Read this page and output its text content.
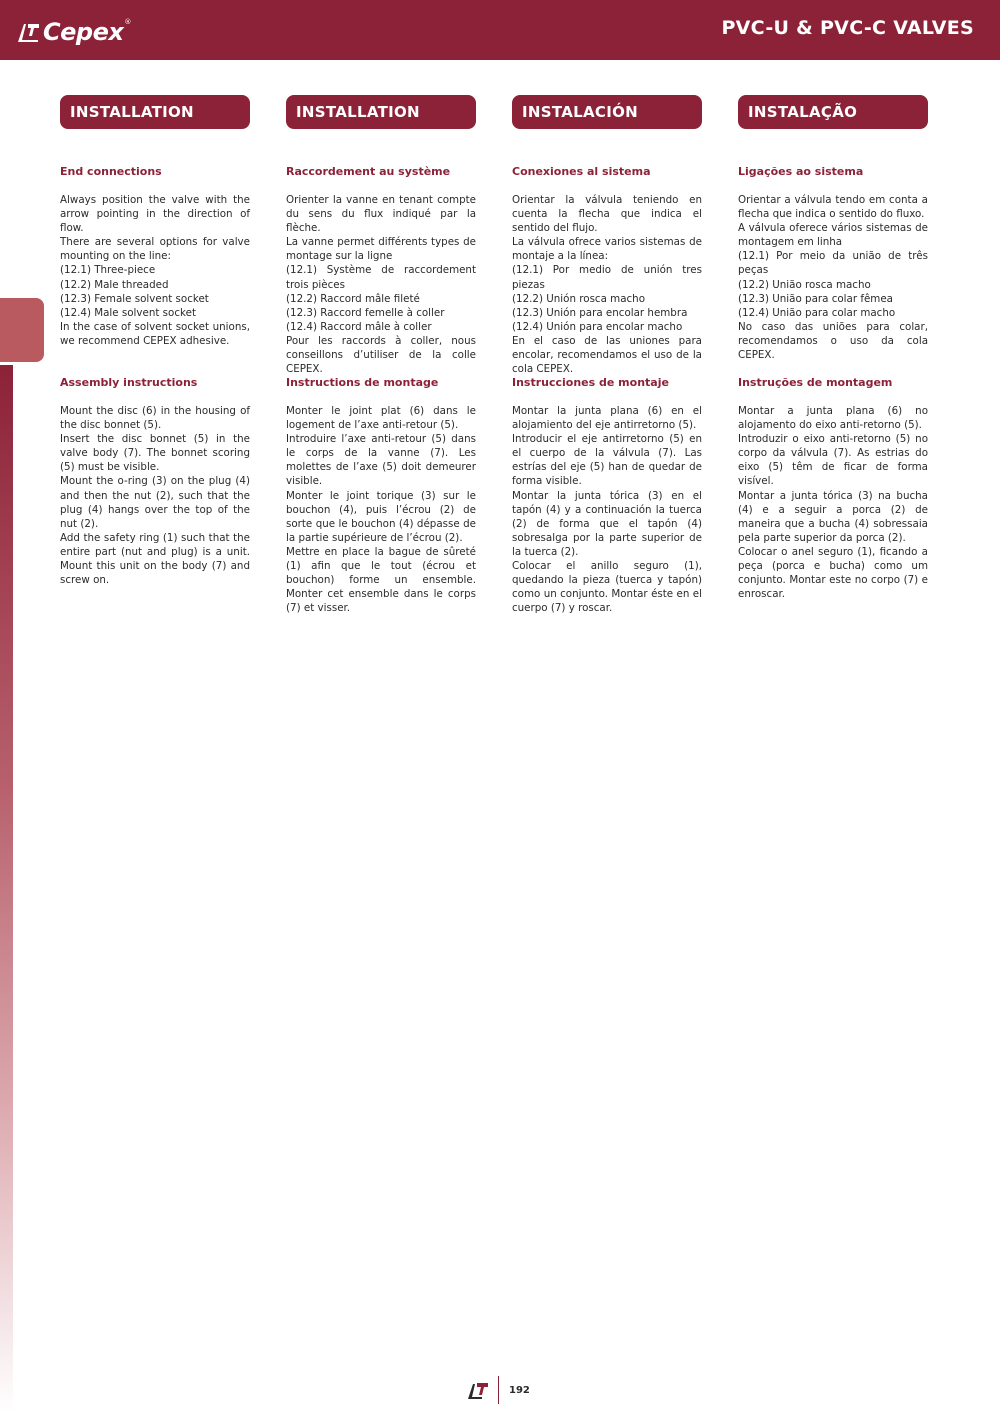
Cepex ®	PVC-U & PVC-C VALVES
INSTALLATION
End connections
Always position the valve with the arrow pointing in the direction of flow.
There are several options for valve mounting on the line:
(12.1) Three-piece
(12.2) Male threaded
(12.3) Female solvent socket
(12.4) Male solvent socket
In the case of solvent socket unions, we recommend CEPEX adhesive.
Assembly instructions
Mount the disc (6) in the housing of the disc bonnet (5).
Insert the disc bonnet (5) in the valve body (7). The bonnet scoring (5) must be visible.
Mount the o-ring (3) on the plug (4) and then the nut (2), such that the plug (4) hangs over the top of the nut (2).
Add the safety ring (1) such that the entire part (nut and plug) is a unit. Mount this unit on the body (7) and screw on.
INSTALLATION
Raccordement au système
Orienter la vanne en tenant compte du sens du flux indiqué par la flèche.
La vanne permet différents types de montage sur la ligne
(12.1) Système de raccordement trois pièces
(12.2) Raccord mâle fileté
(12.3) Raccord femelle à coller
(12.4) Raccord mâle à coller
Pour les raccords à coller, nous conseillons d’utiliser de la colle CEPEX.
Instructions de montage
Monter le joint plat (6) dans le logement de l’axe anti-retour (5).
Introduire l’axe anti-retour (5) dans le corps de la vanne (7). Les molettes de l’axe (5) doit demeurer visible.
Monter le joint torique (3) sur le bouchon (4), puis l’écrou (2) de sorte que le bouchon (4) dépasse de la partie supérieure de l’écrou (2).
Mettre en place la bague de sûreté (1) afin que le tout (écrou et bouchon) forme un ensemble. Monter cet ensemble dans le corps (7) et visser.
INSTALACIÓN
Conexiones al sistema
Orientar la válvula teniendo en cuenta la flecha que indica el sentido del flujo.
La válvula ofrece varios sistemas de montaje a la línea:
(12.1) Por medio de unión tres piezas
(12.2) Unión rosca macho
(12.3) Unión para encolar hembra
(12.4) Unión para encolar macho
En el caso de las uniones para encolar, recomendamos el uso de la cola CEPEX.
Instrucciones de montaje
Montar la junta plana (6) en el alojamiento del eje antirretorno (5).
Introducir el eje antirretorno (5) en el cuerpo de la válvula (7). Las estrías del eje (5) han de quedar de forma visible.
Montar la junta tórica (3) en el tapón (4) y a continuación la tuerca (2) de forma que el tapón (4) sobresalga por la parte superior de la tuerca (2).
Colocar el anillo seguro (1), quedando la pieza (tuerca y tapón) como un conjunto. Montar éste en el cuerpo (7) y roscar.
INSTALAÇÃO
Ligações ao sistema
Orientar a válvula tendo em conta a flecha que indica o sentido do fluxo.
A válvula oferece vários sistemas de montagem em linha
(12.1) Por meio da união de três peças
(12.2) União rosca macho
(12.3) União para colar fêmea
(12.4) União para colar macho
No caso das uniões para colar, recomendamos o uso da cola CEPEX.
Instruções de montagem
Montar a junta plana (6) no alojamento do eixo anti-retorno (5).
Introduzir o eixo anti-retorno (5) no corpo da válvula (7). As estrias do eixo (5) têm de ficar de forma visível.
Montar a junta tórica (3) na bucha (4) e a seguir a porca (2) de maneira que a bucha (4) sobressaia pela parte superior da porca (2).
Colocar o anel seguro (1), ficando a peça (porca e bucha) como um conjunto. Montar este no corpo (7) e enroscar.
192
